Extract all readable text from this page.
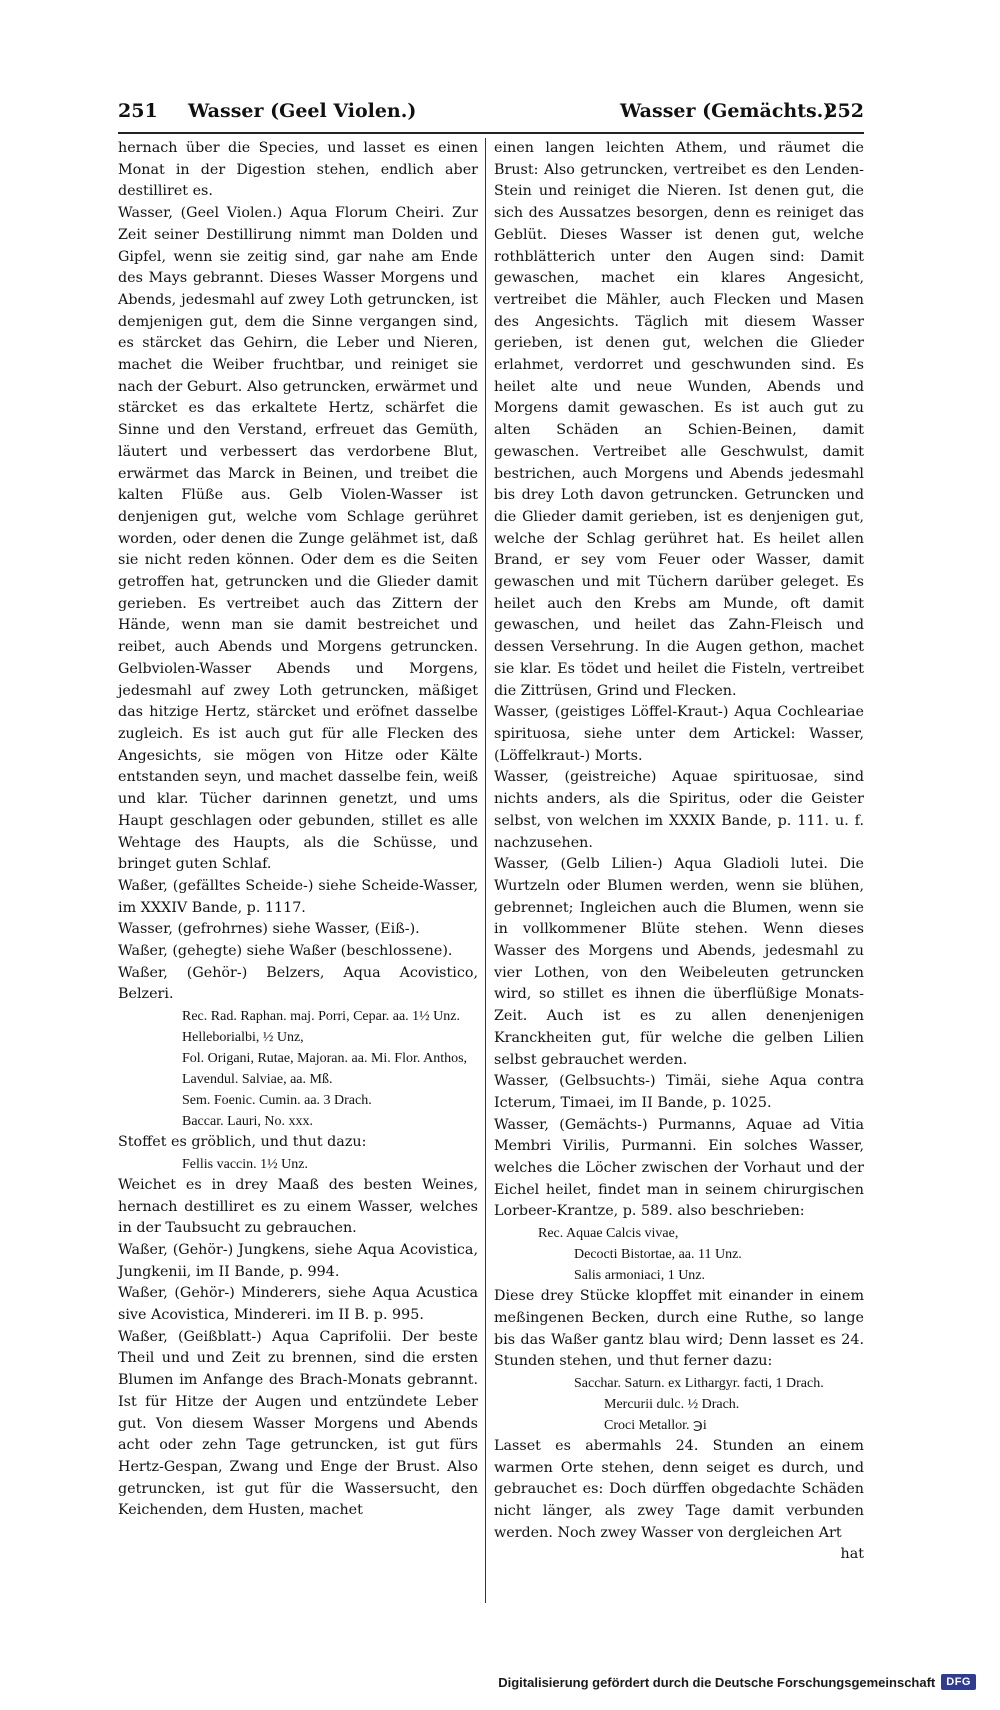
251 Wasser (Geel Violen.)	Wasser (Gemächts.)
252

hernach über die Species, und lasset es einen Monat in der Digestion stehen, endlich aber destilliret es.

Wasser, (Geel Violen.) Aqua Florum Cheiri. Zur Zeit seiner Destillirung nimmt man Dolden und Gipfel, wenn sie zeitig sind, gar nahe am Ende des Mays gebrannt. Dieses Wasser Morgens und Abends, jedesmahl auf zwey Loth getruncken, ist demjenigen gut, dem die Sinne vergangen sind, es stärcket das Gehirn, die Leber und Nieren, machet die Weiber fruchtbar, und reiniget sie nach der Geburt. Also getruncken, erwärmet und stärcket es das erkaltete Hertz, schärfet die Sinne und den Verstand, erfreuet das Gemüth, läutert und verbessert das verdorbene Blut, erwärmet das Marck in Beinen, und treibet die kalten Flüße aus. Gelb Violen-Wasser ist denjenigen gut, welche vom Schlage gerühret worden, oder denen die Zunge gelähmet ist, daß sie nicht reden können. Oder dem es die Seiten getroffen hat, getruncken und die Glieder damit gerieben. Es vertreibet auch das Zittern der Hände, wenn man sie damit bestreichet und reibet, auch Abends und Morgens getruncken. Gelbviolen-Wasser Abends und Morgens, jedesmahl auf zwey Loth getruncken, mäßiget das hitzige Hertz, stärcket und eröfnet dasselbe zugleich. Es ist auch gut für alle Flecken des Angesichts, sie mögen von Hitze oder Kälte entstanden seyn, und machet dasselbe fein, weiß und klar. Tücher darinnen genetzt, und ums Haupt geschlagen oder gebunden, stillet es alle Wehtage des Haupts, als die Schüsse, und bringet guten Schlaf.

Waßer, (gefälltes Scheide-) siehe Scheide-Wasser, im XXXIV Bande, p. 1117.

Wasser, (gefrohrnes) siehe Wasser, (Eiß-).

Waßer, (gehegte) siehe Waßer (beschlossene).

Waßer, (Gehör-) Belzers, Aqua Acovistico, Belzeri.

Rec. Rad. Raphan. maj. Porri, Cepar. aa. 1½ Unz. Helleborialbi, ½ Unz,

Fol. Origani, Rutae, Majoran. aa. Mi. Flor. Anthos, Lavendul. Salviae, aa. Mß.

Sem. Foenic. Cumin. aa. 3 Drach.

Baccar. Lauri, No. xxx.

Stoffet es gröblich, und thut dazu:

Fellis vaccin. 1½ Unz.

Weichet es in drey Maaß des besten Weines, hernach destilliret es zu einem Wasser, welches in der Taubsucht zu gebrauchen.

Waßer, (Gehör-) Jungkens, siehe Aqua Acovistica, Jungkenii, im II Bande, p. 994.

Waßer, (Gehör-) Minderers, siehe Aqua Acustica sive Acovistica, Mindereri. im II B. p. 995.

Waßer, (Geißblatt-) Aqua Caprifolii. Der beste Theil und und Zeit zu brennen, sind die ersten Blumen im Anfange des Brach-Monats gebrannt. Ist für Hitze der Augen und entzündete Leber gut. Von diesem Wasser Morgens und Abends acht oder zehn Tage getruncken, ist gut fürs Hertz-Gespan, Zwang und Enge der Brust. Also getruncken, ist gut für die Wassersucht, den Keichenden, dem Husten, machet

einen langen leichten Athem, und räumet die Brust: Also getruncken, vertreibet es den Lenden-Stein und reiniget die Nieren. Ist denen gut, die sich des Aussatzes besorgen, denn es reiniget das Geblüt. Dieses Wasser ist denen gut, welche rothblätterich unter den Augen sind: Damit gewaschen, machet ein klares Angesicht, vertreibet die Mähler, auch Flecken und Masen des Angesichts. Täglich mit diesem Wasser gerieben, ist denen gut, welchen die Glieder erlahmet, verdorret und geschwunden sind. Es heilet alte und neue Wunden, Abends und Morgens damit gewaschen. Es ist auch gut zu alten Schäden an Schien-Beinen, damit gewaschen. Vertreibet alle Geschwulst, damit bestrichen, auch Morgens und Abends jedesmahl bis drey Loth davon getruncken. Getruncken und die Glieder damit gerieben, ist es denjenigen gut, welche der Schlag gerühret hat. Es heilet allen Brand, er sey vom Feuer oder Wasser, damit gewaschen und mit Tüchern darüber geleget. Es heilet auch den Krebs am Munde, oft damit gewaschen, und heilet das Zahn-Fleisch und dessen Versehrung. In die Augen gethon, machet sie klar. Es tödet und heilet die Fisteln, vertreibet die Zittrüsen, Grind und Flecken.

Wasser, (geistiges Löffel-Kraut-) Aqua Cochleariae spirituosa, siehe unter dem Artickel: Wasser, (Löffelkraut-) Morts.

Wasser, (geistreiche) Aquae spirituosae, sind nichts anders, als die Spiritus, oder die Geister selbst, von welchen im XXXIX Bande, p. 111. u. f. nachzusehen.

Wasser, (Gelb Lilien-) Aqua Gladioli lutei. Die Wurtzeln oder Blumen werden, wenn sie blühen, gebrennet; Ingleichen auch die Blumen, wenn sie in vollkommener Blüte stehen. Wenn dieses Wasser des Morgens und Abends, jedesmahl zu vier Lothen, von den Weibeleuten getruncken wird, so stillet es ihnen die überflüßige Monats-Zeit. Auch ist es zu allen denenjenigen Kranckheiten gut, für welche die gelben Lilien selbst gebrauchet werden.

Wasser, (Gelbsuchts-) Timäi, siehe Aqua contra Icterum, Timaei, im II Bande, p. 1025.

Wasser, (Gemächts-) Purmanns, Aquae ad Vitia Membri Virilis, Purmanni. Ein solches Wasser, welches die Löcher zwischen der Vorhaut und der Eichel heilet, findet man in seinem chirurgischen Lorbeer-Krantze, p. 589. also beschrieben:

Rec. Aquae Calcis vivae,

Decocti Bistortae, aa. 11 Unz.

Salis armoniaci, 1 Unz.

Diese drey Stücke klopffet mit einander in einem meßingenen Becken, durch eine Ruthe, so lange bis das Waßer gantz blau wird; Denn lasset es 24. Stunden stehen, und thut ferner dazu:

Sacchar. Saturn. ex Lithargyr. facti, 1 Drach.

Mercurii dulc. ½ Drach.

Croci Metallor. ℈i

Lasset es abermahls 24. Stunden an einem warmen Orte stehen, denn seiget es durch, und gebrauchet es: Doch dürffen obgedachte Schäden nicht länger, als zwey Tage damit verbunden werden. Noch zwey Wasser von dergleichen Art

hat

Digitalisierung gefördert durch die Deutsche Forschungsgemeinschaft	DFG
